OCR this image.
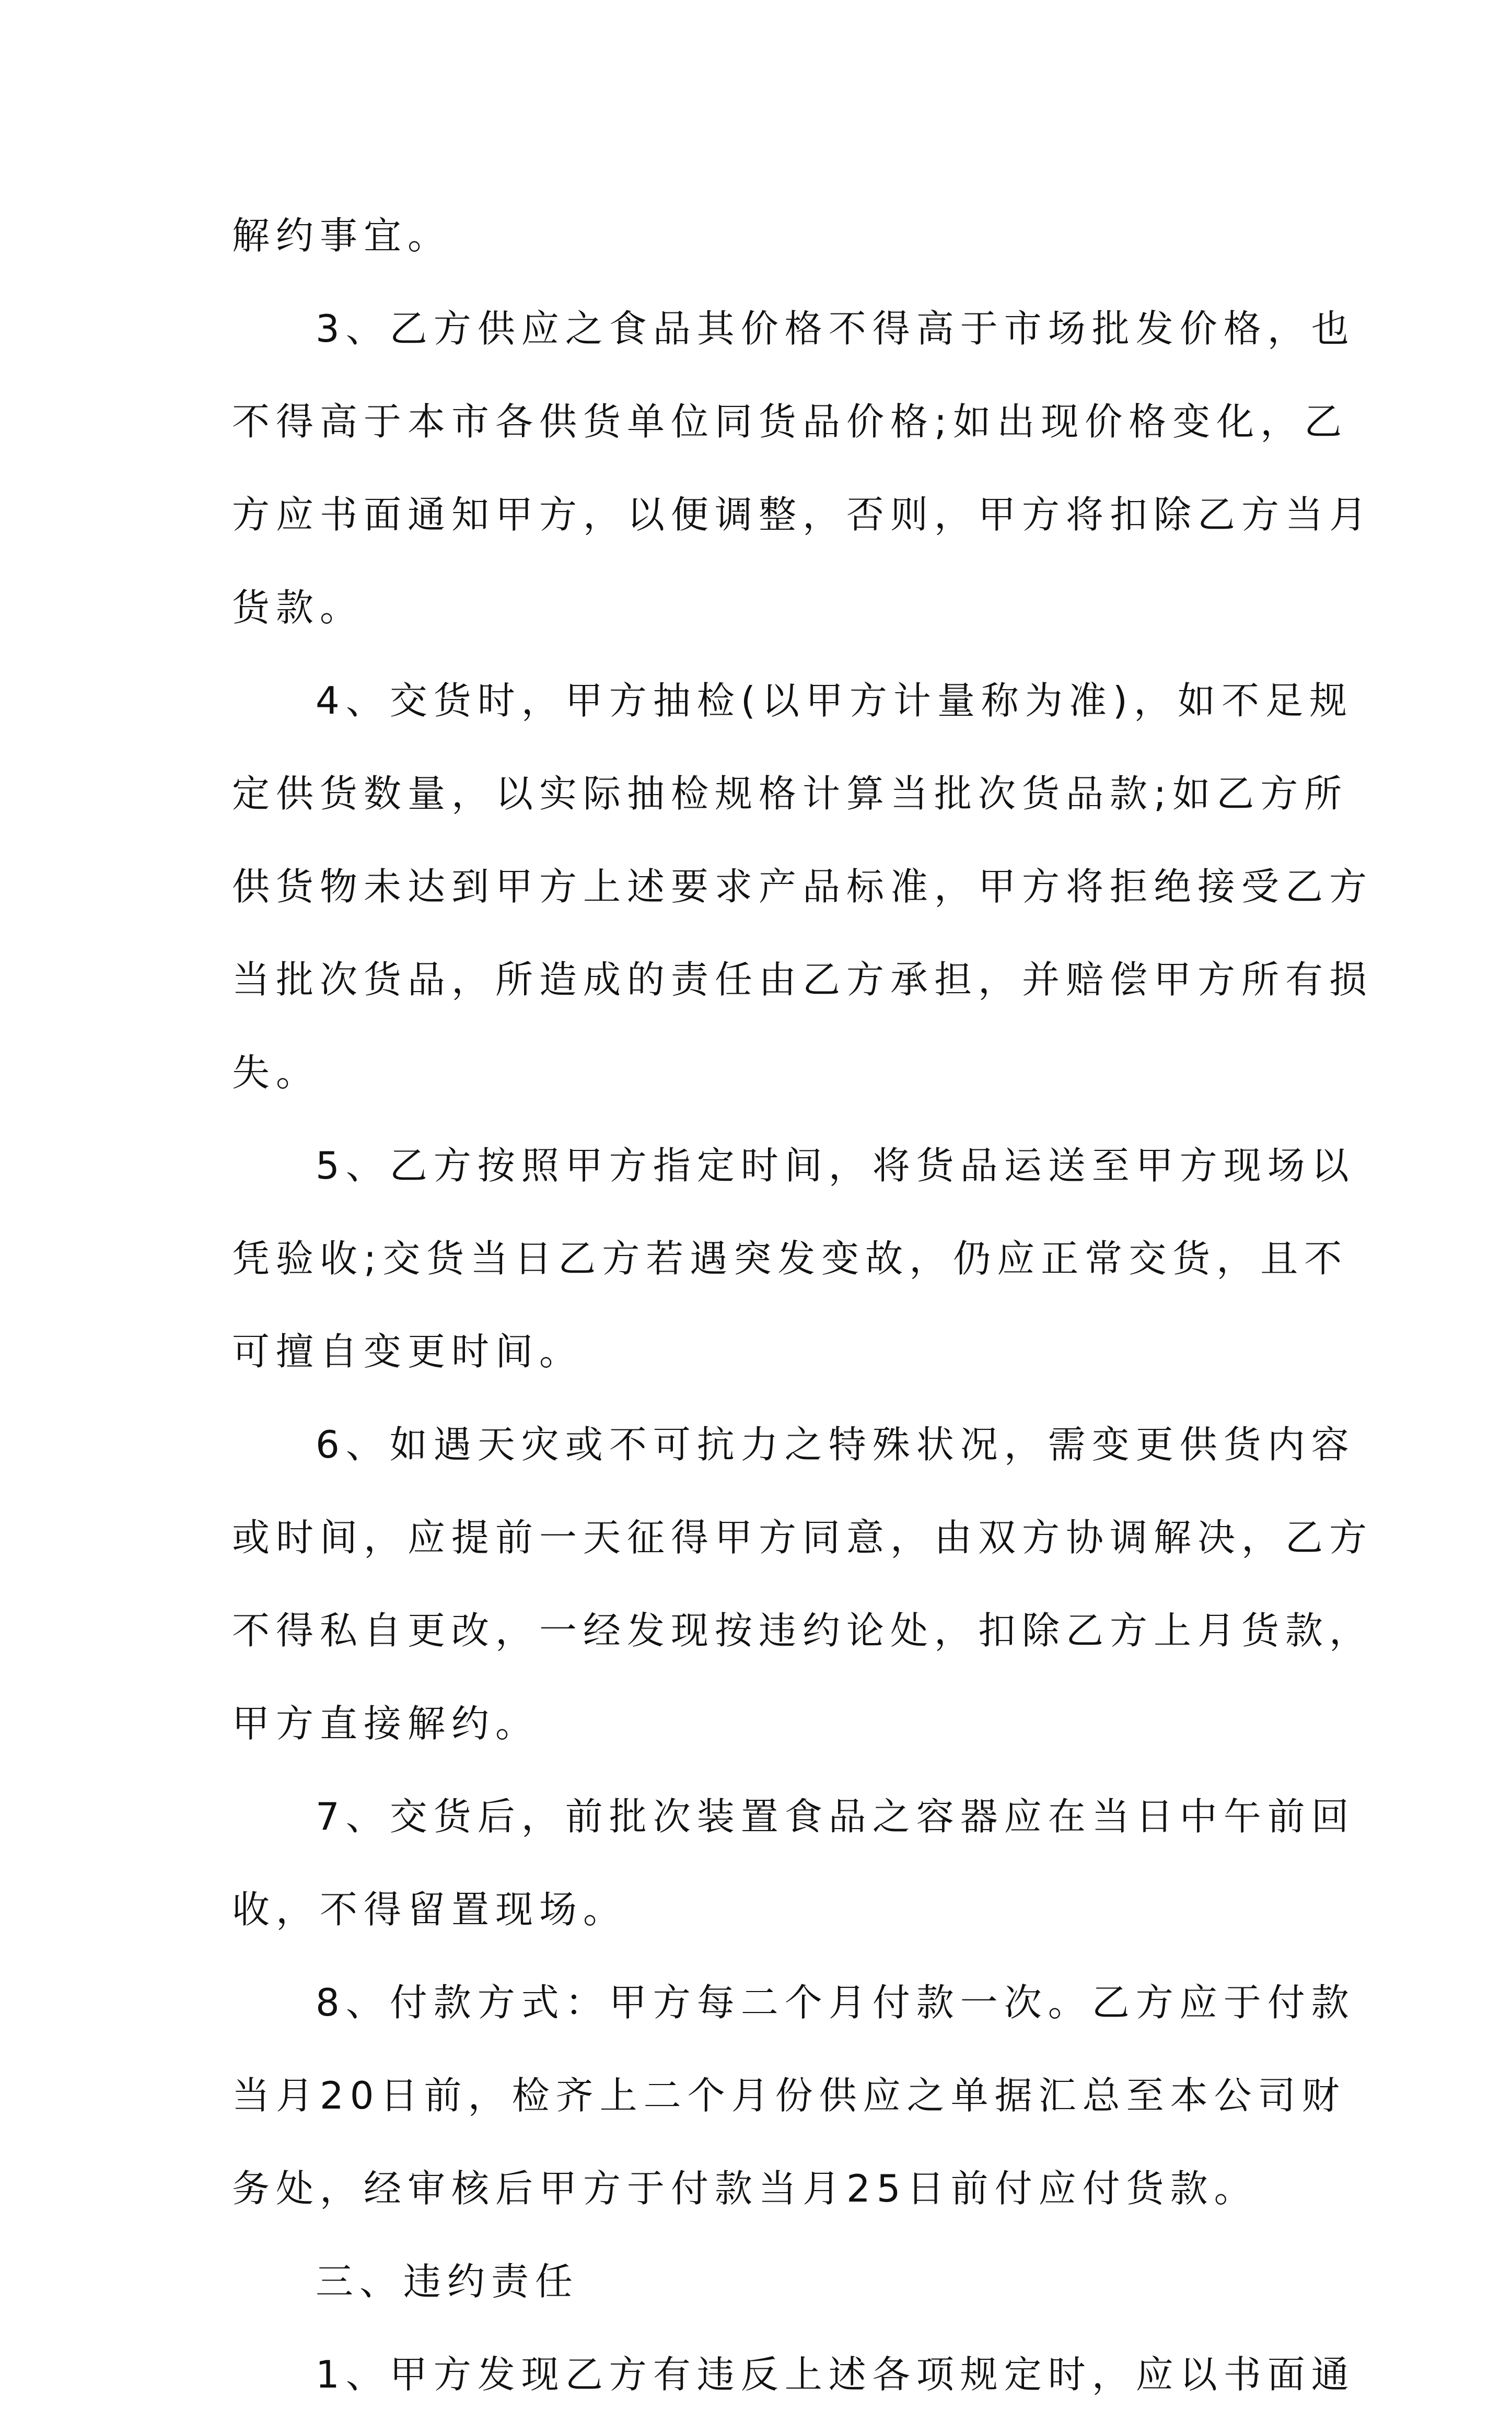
解约事宜。
3、乙方供应之食品其价格不得高于市场批发价格，也
不得高于本市各供货单位同货品价格;如出现价格变化，乙
方应书面通知甲方，以便调整，否则，甲方将扣除乙方当月
货款。
4、交货时，甲方抽检(以甲方计量称为准)，如不足规
定供货数量，以实际抽检规格计算当批次货品款;如乙方所
供货物未达到甲方上述要求产品标准，甲方将拒绝接受乙方
当批次货品，所造成的责任由乙方承担，并赔偿甲方所有损
失。
5、乙方按照甲方指定时间，将货品运送至甲方现场以
凭验收;交货当日乙方若遇突发变故，仍应正常交货，且不
可擅自变更时间。
6、如遇天灾或不可抗力之特殊状况，需变更供货内容
或时间，应提前一天征得甲方同意，由双方协调解决，乙方
不得私自更改，一经发现按违约论处，扣除乙方上月货款，
甲方直接解约。
7、交货后，前批次装置食品之容器应在当日中午前回
收，不得留置现场。
8、付款方式：甲方每二个月付款一次。乙方应于付款
当月20日前，检齐上二个月份供应之单据汇总至本公司财
务处，经审核后甲方于付款当月25日前付应付货款。
三、违约责任
1、甲方发现乙方有违反上述各项规定时，应以书面通
